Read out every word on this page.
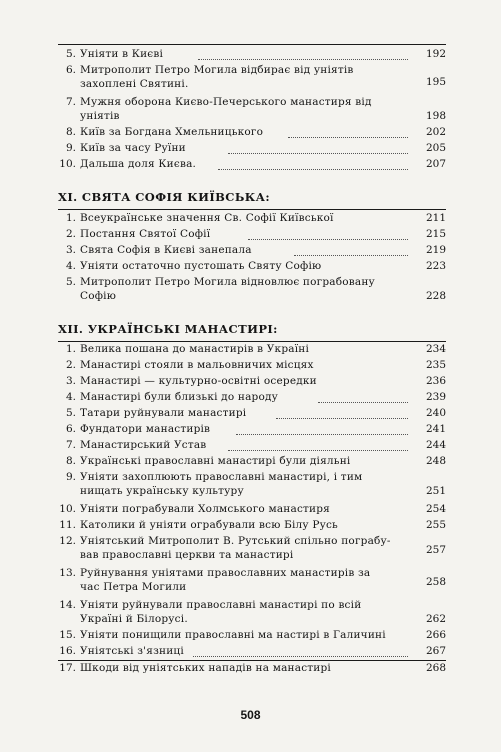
5. Уніяти в Києві	192
6. Митрополит Петро Могила відбирає від уніятів
захоплені Святині.	195
7. Мужня оборона Києво-Печерського манастиря від
уніятів	198
8. Київ за Богдана Хмельницького	202
9. Київ за часу Руїни	205
10. Дальша доля Києва.	207
XI. СВЯТА СОФІЯ КИЇВСЬКА:
1. Всеукраїнське значення Св. Софії Київської	211
2. Постання Святої Софії	215
3. Свята Софія в Києві занепала	219
4. Уніяти остаточно пустошать Святу Софію	223
5. Митрополит Петро Могила відновлює пограбовану
Софію	228
XII. УКРАЇНСЬКІ МАНАСТИРІ:
1. Велика пошана до манастирів в Україні	234
2. Манастирі стояли в мальовничих місцях	235
3. Манастирі — культурно-освітні осередки	236
4. Манастирі були близькі до народу	239
5. Татари руйнували манастирі	240
6. Фундатори манастирів	241
7. Манастирський Устав	244
8. Українські православні манастирі були діяльні	248
9. Уніяти захоплюють православні манастирі, і тим
нищать українську культуру	251
10. Уніяти пограбували Холмського манастиря	254
11. Католики й уніяти ограбували всю Білу Русь	255
12. Уніятський Митрополит В. Рутський спільно пограбу-
вав православні церкви та манастирі	257
13. Руйнування уніятами православних манастирів за
час Петра Могили	258
14. Уніяти руйнували православні манастирі по всій
Україні й Білорусі.	262
15. Уніяти понищили православні ма настирі в Галичині	266
16. Уніятські з'язниці	267
17. Шкоди від уніятських нападів на манастирі	268
508
